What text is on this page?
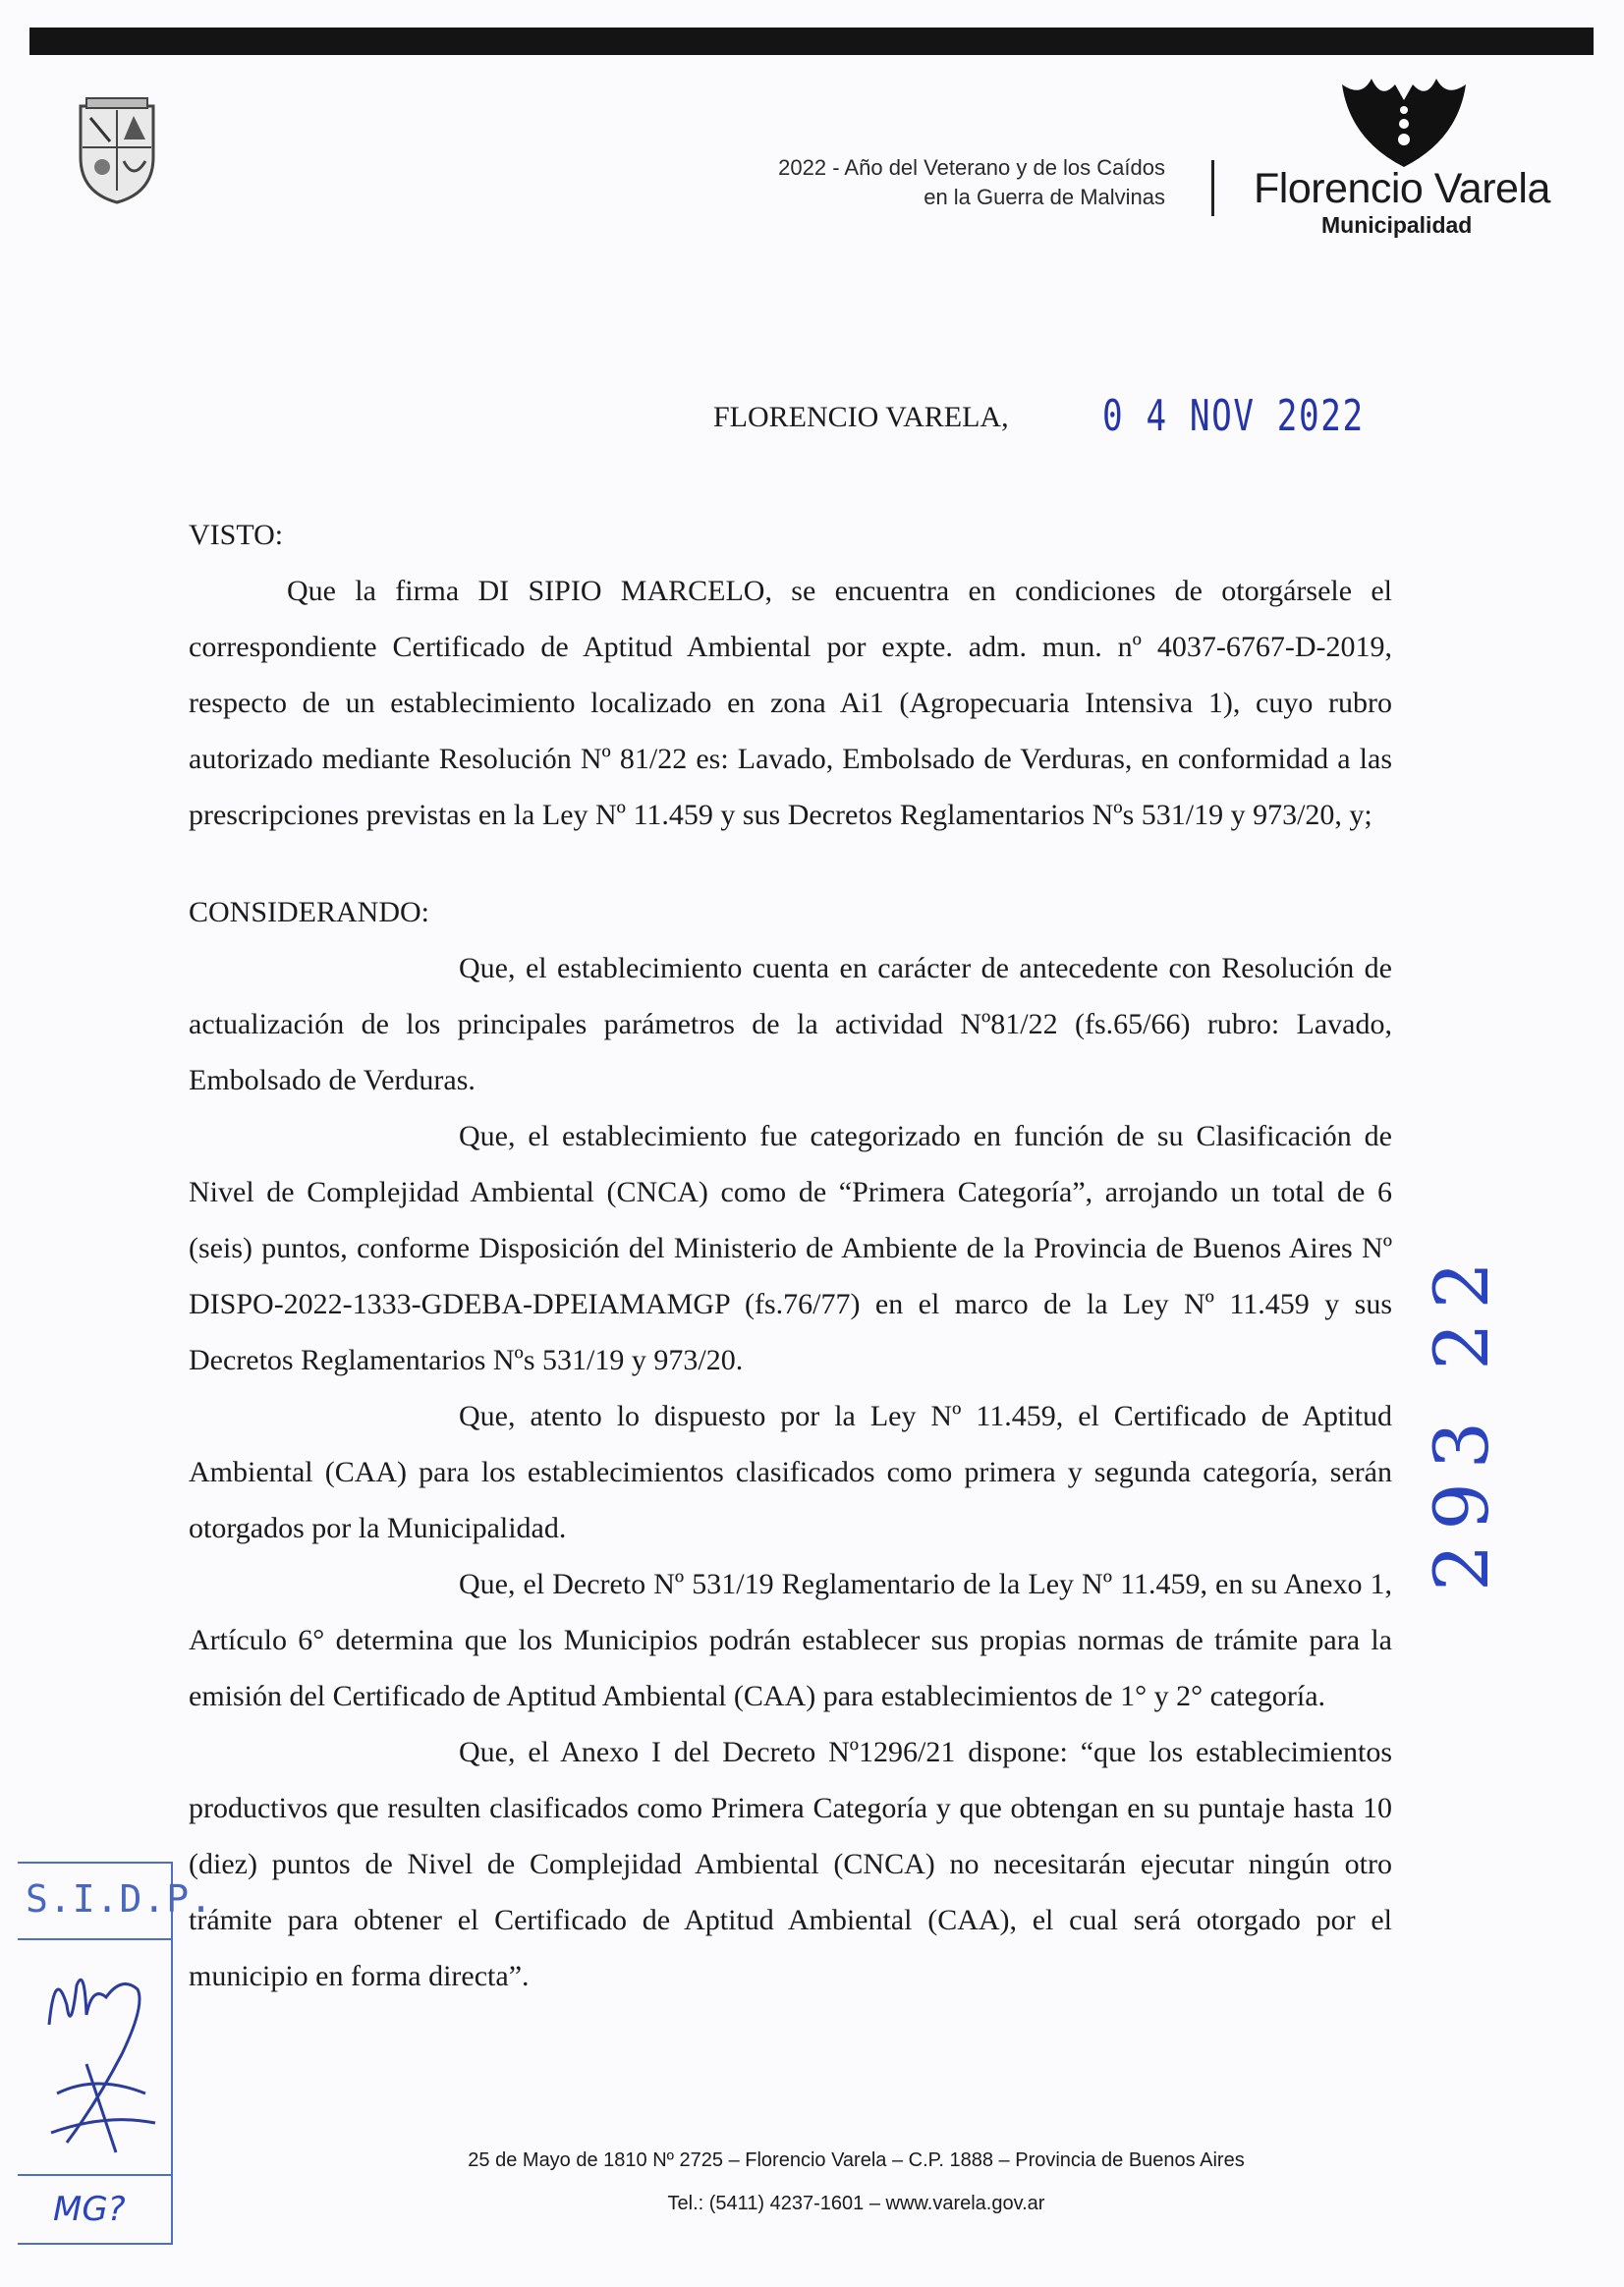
2022 - Año del Veterano y de los Caídos
en la Guerra de Malvinas Florencio Varela
Municipalidad
FLORENCIO VARELA, 0 4 NOV 2022

VISTO:

Que la firma DI SIPIO MARCELO, se encuentra en condiciones de otorgársele el correspondiente Certificado de Aptitud Ambiental por expte. adm. mun. nº 4037-6767-D-2019, respecto de un establecimiento localizado en zona Ai1 (Agropecuaria Intensiva 1), cuyo rubro autorizado mediante Resolución Nº 81/22 es: Lavado, Embolsado de Verduras, en conformidad a las prescripciones previstas en la Ley Nº 11.459 y sus Decretos Reglamentarios Nºs 531/19 y 973/20, y;

CONSIDERANDO:

Que, el establecimiento cuenta en carácter de antecedente con Resolución de actualización de los principales parámetros de la actividad Nº81/22 (fs.65/66) rubro: Lavado, Embolsado de Verduras.

Que, el establecimiento fue categorizado en función de su Clasificación de Nivel de Complejidad Ambiental (CNCA) como de “Primera Categoría”, arrojando un total de 6 (seis) puntos, conforme Disposición del Ministerio de Ambiente de la Provincia de Buenos Aires Nº DISPO-2022-1333-GDEBA-DPEIAMAMGP (fs.76/77) en el marco de la Ley Nº 11.459 y sus Decretos Reglamentarios Nºs 531/19 y 973/20.

Que, atento lo dispuesto por la Ley Nº 11.459, el Certificado de Aptitud Ambiental (CAA) para los establecimientos clasificados como primera y segunda categoría, serán otorgados por la Municipalidad.

Que, el Decreto Nº 531/19 Reglamentario de la Ley Nº 11.459, en su Anexo 1, Artículo 6° determina que los Municipios podrán establecer sus propias normas de trámite para la emisión del Certificado de Aptitud Ambiental (CAA) para establecimientos de 1° y 2° categoría.

Que, el Anexo I del Decreto Nº1296/21 dispone: “que los establecimientos productivos que resulten clasificados como Primera Categoría y que obtengan en su puntaje hasta 10 (diez) puntos de Nivel de Complejidad Ambiental (CNCA) no necesitarán ejecutar ningún otro trámite para obtener el Certificado de Aptitud Ambiental (CAA), el cual será otorgado por el municipio en forma directa”.

293 22
S.I.D.P.
MG?
25 de Mayo de 1810 Nº 2725 – Florencio Varela – C.P. 1888 – Provincia de Buenos Aires
Tel.: (5411) 4237-1601 – www.varela.gov.ar
